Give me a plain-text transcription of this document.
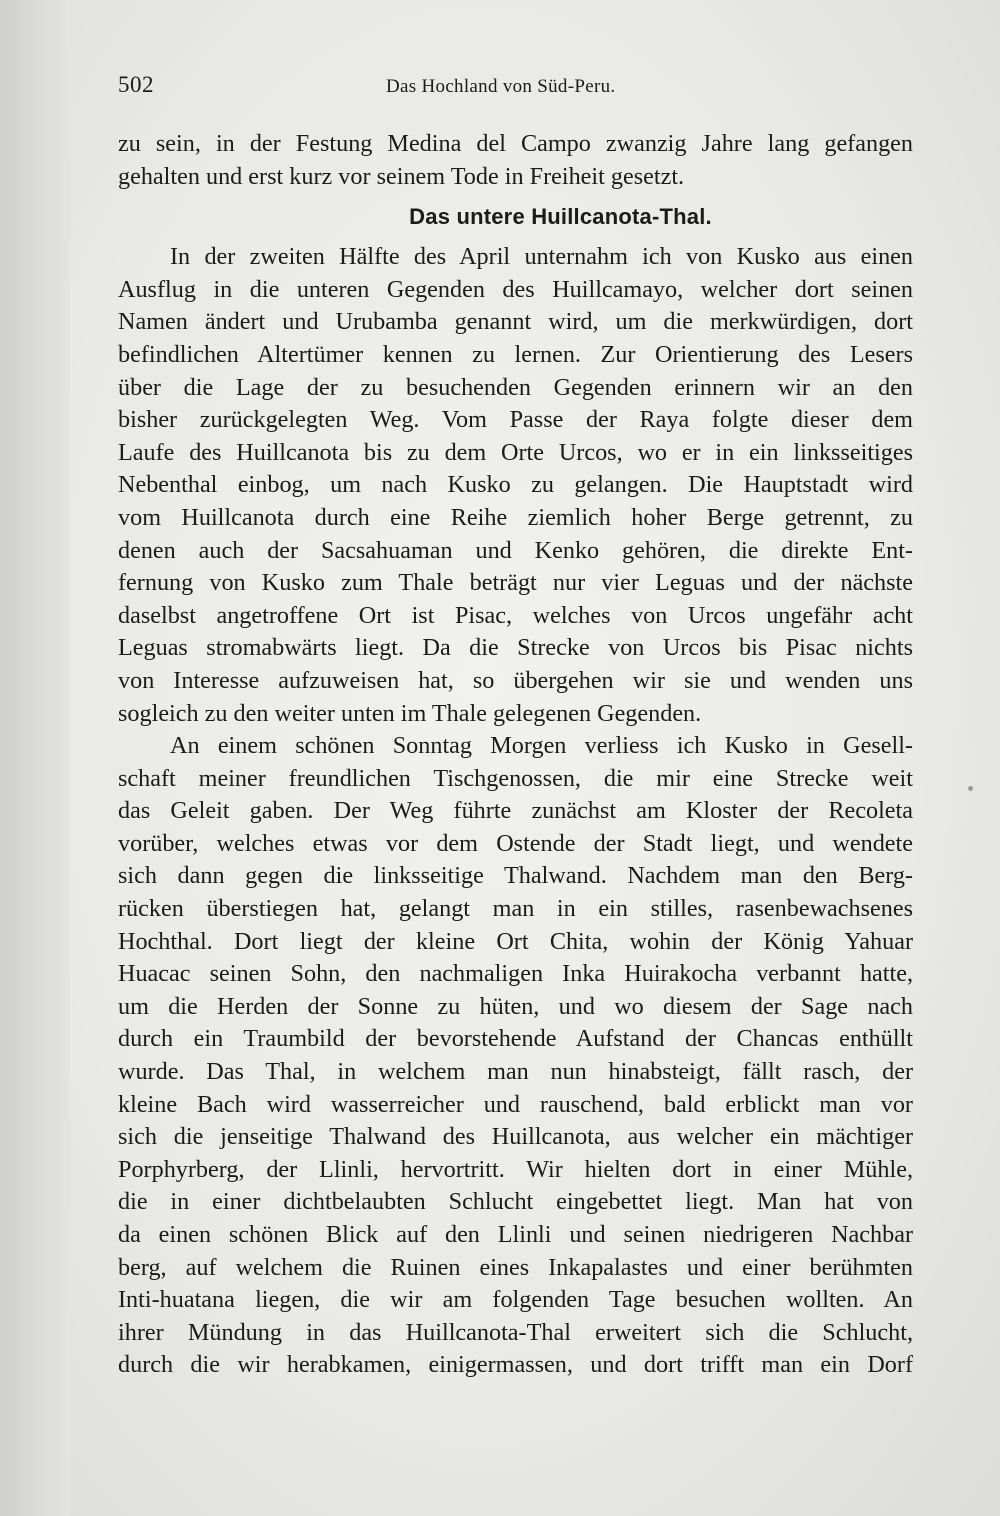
502	Das Hochland von Süd-Peru.
zu sein, in der Festung Medina del Campo zwanzig Jahre lang gefangen
gehalten und erst kurz vor seinem Tode in Freiheit gesetzt.
Das untere Huillcanota-Thal.
In der zweiten Hälfte des April unternahm ich von Kusko aus einen
Ausflug in die unteren Gegenden des Huillcamayo, welcher dort seinen
Namen ändert und Urubamba genannt wird, um die merkwürdigen, dort
befindlichen Altertümer kennen zu lernen. Zur Orientierung des Lesers
über die Lage der zu besuchenden Gegenden erinnern wir an den
bisher zurückgelegten Weg. Vom Passe der Raya folgte dieser dem
Laufe des Huillcanota bis zu dem Orte Urcos, wo er in ein linksseitiges
Nebenthal einbog, um nach Kusko zu gelangen. Die Hauptstadt wird
vom Huillcanota durch eine Reihe ziemlich hoher Berge getrennt, zu
denen auch der Sacsahuaman und Kenko gehören, die direkte Ent-
fernung von Kusko zum Thale beträgt nur vier Leguas und der nächste
daselbst angetroffene Ort ist Pisac, welches von Urcos ungefähr acht
Leguas stromabwärts liegt. Da die Strecke von Urcos bis Pisac nichts
von Interesse aufzuweisen hat, so übergehen wir sie und wenden uns
sogleich zu den weiter unten im Thale gelegenen Gegenden.
An einem schönen Sonntag Morgen verliess ich Kusko in Gesell-
schaft meiner freundlichen Tischgenossen, die mir eine Strecke weit
das Geleit gaben. Der Weg führte zunächst am Kloster der Recoleta
vorüber, welches etwas vor dem Ostende der Stadt liegt, und wendete
sich dann gegen die linksseitige Thalwand. Nachdem man den Berg-
rücken überstiegen hat, gelangt man in ein stilles, rasenbewachsenes
Hochthal. Dort liegt der kleine Ort Chita, wohin der König Yahuar
Huacac seinen Sohn, den nachmaligen Inka Huirakocha verbannt hatte,
um die Herden der Sonne zu hüten, und wo diesem der Sage nach
durch ein Traumbild der bevorstehende Aufstand der Chancas enthüllt
wurde. Das Thal, in welchem man nun hinabsteigt, fällt rasch, der
kleine Bach wird wasserreicher und rauschend, bald erblickt man vor
sich die jenseitige Thalwand des Huillcanota, aus welcher ein mächtiger
Porphyrberg, der Llinli, hervortritt. Wir hielten dort in einer Mühle,
die in einer dichtbelaubten Schlucht eingebettet liegt. Man hat von
da einen schönen Blick auf den Llinli und seinen niedrigeren Nachbar
berg, auf welchem die Ruinen eines Inkapalastes und einer berühmten
Inti-huatana liegen, die wir am folgenden Tage besuchen wollten. An
ihrer Mündung in das Huillcanota-Thal erweitert sich die Schlucht,
durch die wir herabkamen, einigermassen, und dort trifft man ein Dorf
